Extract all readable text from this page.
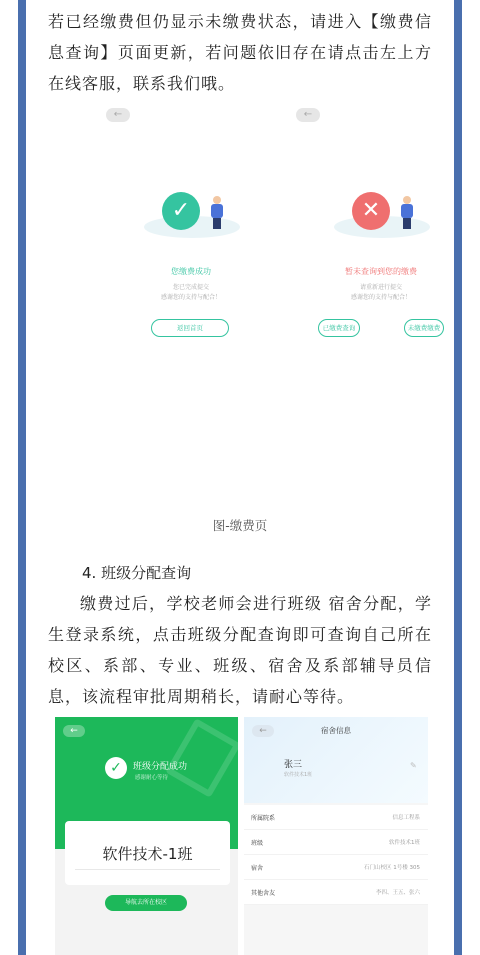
若已经缴费但仍显示未缴费状态，请进入【缴费信息查询】页面更新，若问题依旧存在请点击左上方在线客服，联系我们哦。

←
✓
您缴费成功
您已完成提交
感谢您的支持与配合！
返回首页
←
✕
暂未查询到您的缴费
请重新进行提交
感谢您的支持与配合！
已缴费查询	未缴费缴费
图-缴费页
4. 班级分配查询

缴费过后，学校老师会进行班级 宿舍分配，学生登录系统，点击班级分配查询即可查询自己所在校区、系部、专业、班级、宿舍及系部辅导员信息，该流程审批周期稍长，请耐心等待。

←
✓	班级分配成功
感谢耐心等待
软件技术-1班
导航去所在校区
←	宿舍信息
张三
软件技术1班
✎
所属院系	信息工程系
班级	软件技术1班
宿舍	石门山校区 1号楼 305
其他舍友	李四、王五、张六
